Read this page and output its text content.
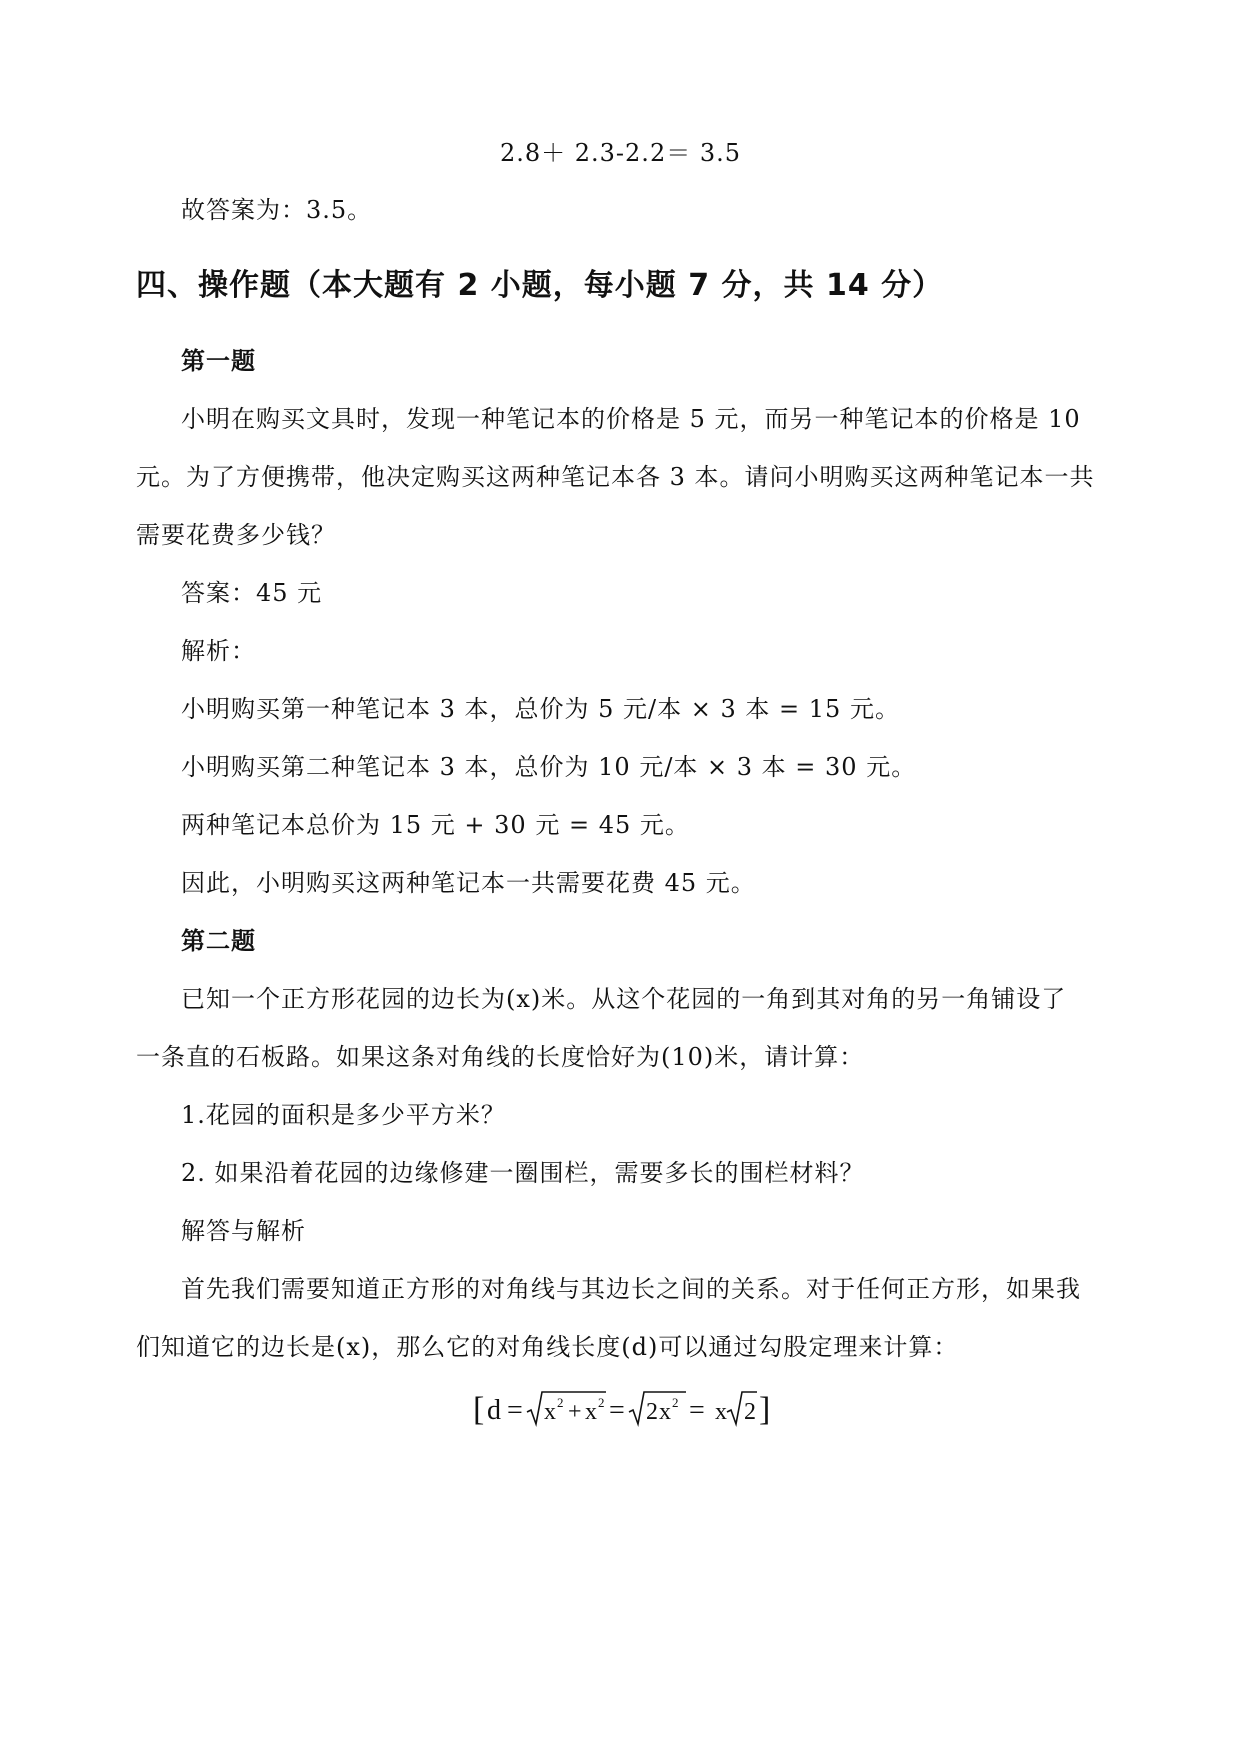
2.8＋ 2.3-2.2＝ 3.5
故答案为：3.5。
四、操作题（本大题有 2 小题，每小题 7 分，共 14 分）
第一题
小明在购买文具时，发现一种笔记本的价格是 5 元，而另一种笔记本的价格是 10
元。为了方便携带，他决定购买这两种笔记本各 3 本。请问小明购买这两种笔记本一共
需要花费多少钱？
答案：45 元
解析：
小明购买第一种笔记本 3 本，总价为 5 元/本 × 3 本 = 15 元。
小明购买第二种笔记本 3 本，总价为 10 元/本 × 3 本 = 30 元。
两种笔记本总价为 15 元 + 30 元 = 45 元。
因此，小明购买这两种笔记本一共需要花费 45 元。
第二题
已知一个正方形花园的边长为(x)米。从这个花园的一角到其对角的另一角铺设了
一条直的石板路。如果这条对角线的长度恰好为(10)米，请计算：
1.花园的面积是多少平方米？
2. 如果沿着花园的边缘修建一圈围栏，需要多长的围栏材料？
解答与解析
首先我们需要知道正方形的对角线与其边长之间的关系。对于任何正方形，如果我
们知道它的边长是(x)，那么它的对角线长度(d)可以通过勾股定理来计算：
[ d = x 2 + x 2 = 2 x 2 = x 2 ]
